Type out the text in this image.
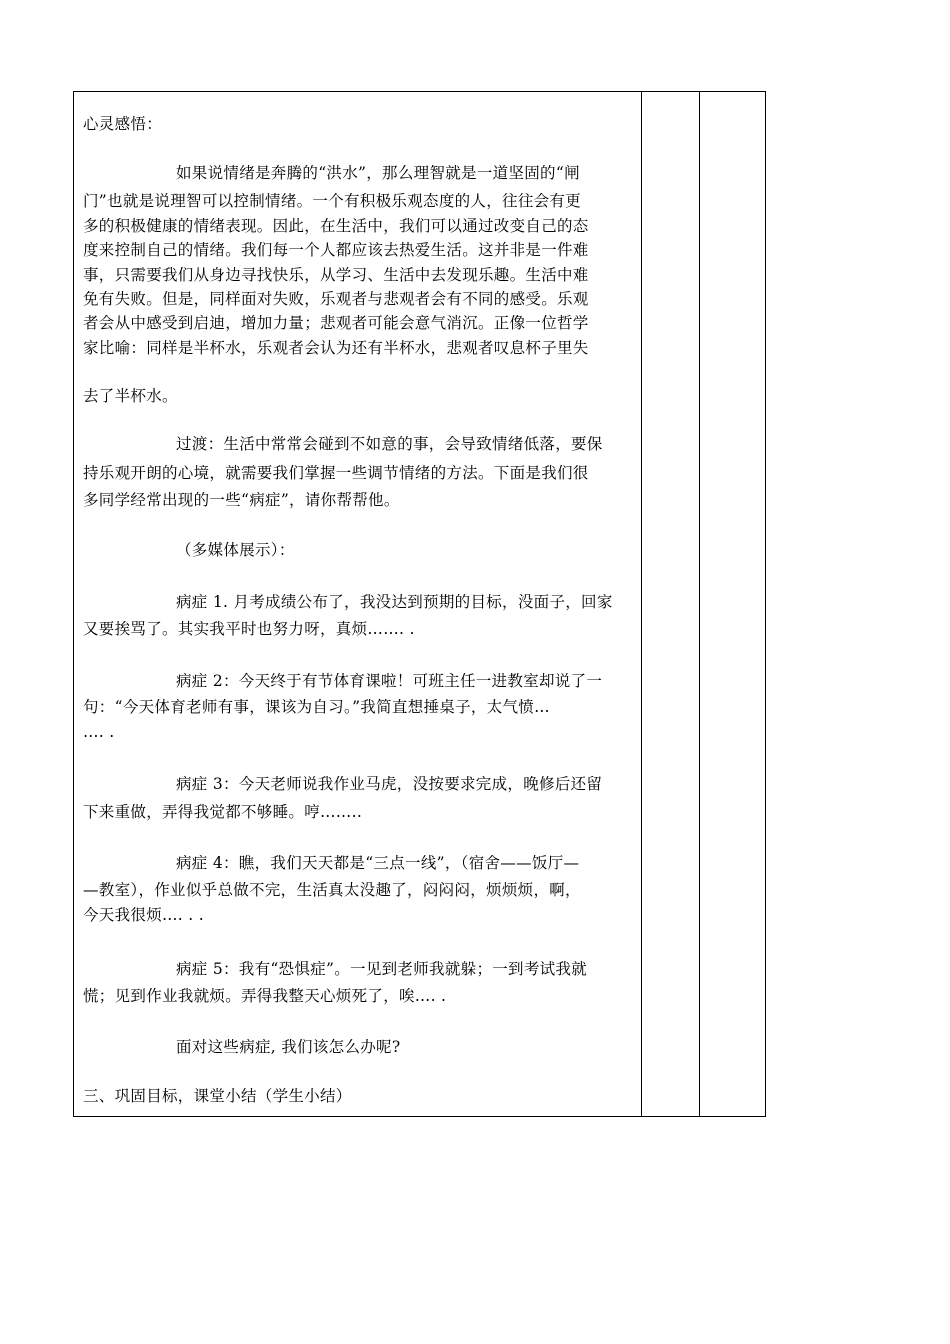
心灵感悟：
如果说情绪是奔腾的“洪水”，那么理智就是一道坚固的“闸
门”也就是说理智可以控制情绪。一个有积极乐观态度的人，往往会有更
多的积极健康的情绪表现。因此，在生活中，我们可以通过改变自己的态
度来控制自己的情绪。我们每一个人都应该去热爱生活。这并非是一件难
事，只需要我们从身边寻找快乐，从学习、生活中去发现乐趣。生活中难
免有失败。但是，同样面对失败，乐观者与悲观者会有不同的感受。乐观
者会从中感受到启迪，增加力量；悲观者可能会意气消沉。正像一位哲学
家比喻：同样是半杯水，乐观者会认为还有半杯水，悲观者叹息杯子里失
去了半杯水。
过渡：生活中常常会碰到不如意的事，会导致情绪低落，要保
持乐观开朗的心境，就需要我们掌握一些调节情绪的方法。下面是我们很
多同学经常出现的一些“病症”，请你帮帮他。
（多媒体展示）：
病症 1. 月考成绩公布了，我没达到预期的目标，没面子，回家
又要挨骂了。其实我平时也努力呀，真烦……. .
病症 2：今天终于有节体育课啦！可班主任一进教室却说了一
句：“今天体育老师有事，课该为自习。”我简直想捶桌子，太气愤…
…. .
病症 3：今天老师说我作业马虎，没按要求完成，晚修后还留
下来重做，弄得我觉都不够睡。哼……..
病症 4：瞧，我们天天都是“三点一线”，（宿舍——饭厅—
—教室），作业似乎总做不完，生活真太没趣了，闷闷闷，烦烦烦，啊，
今天我很烦…. . .
病症 5：我有“恐惧症”。一见到老师我就躲；一到考试我就
慌；见到作业我就烦。弄得我整天心烦死了，唉…. .
面对这些病症, 我们该怎么办呢?
三、巩固目标，课堂小结（学生小结）
